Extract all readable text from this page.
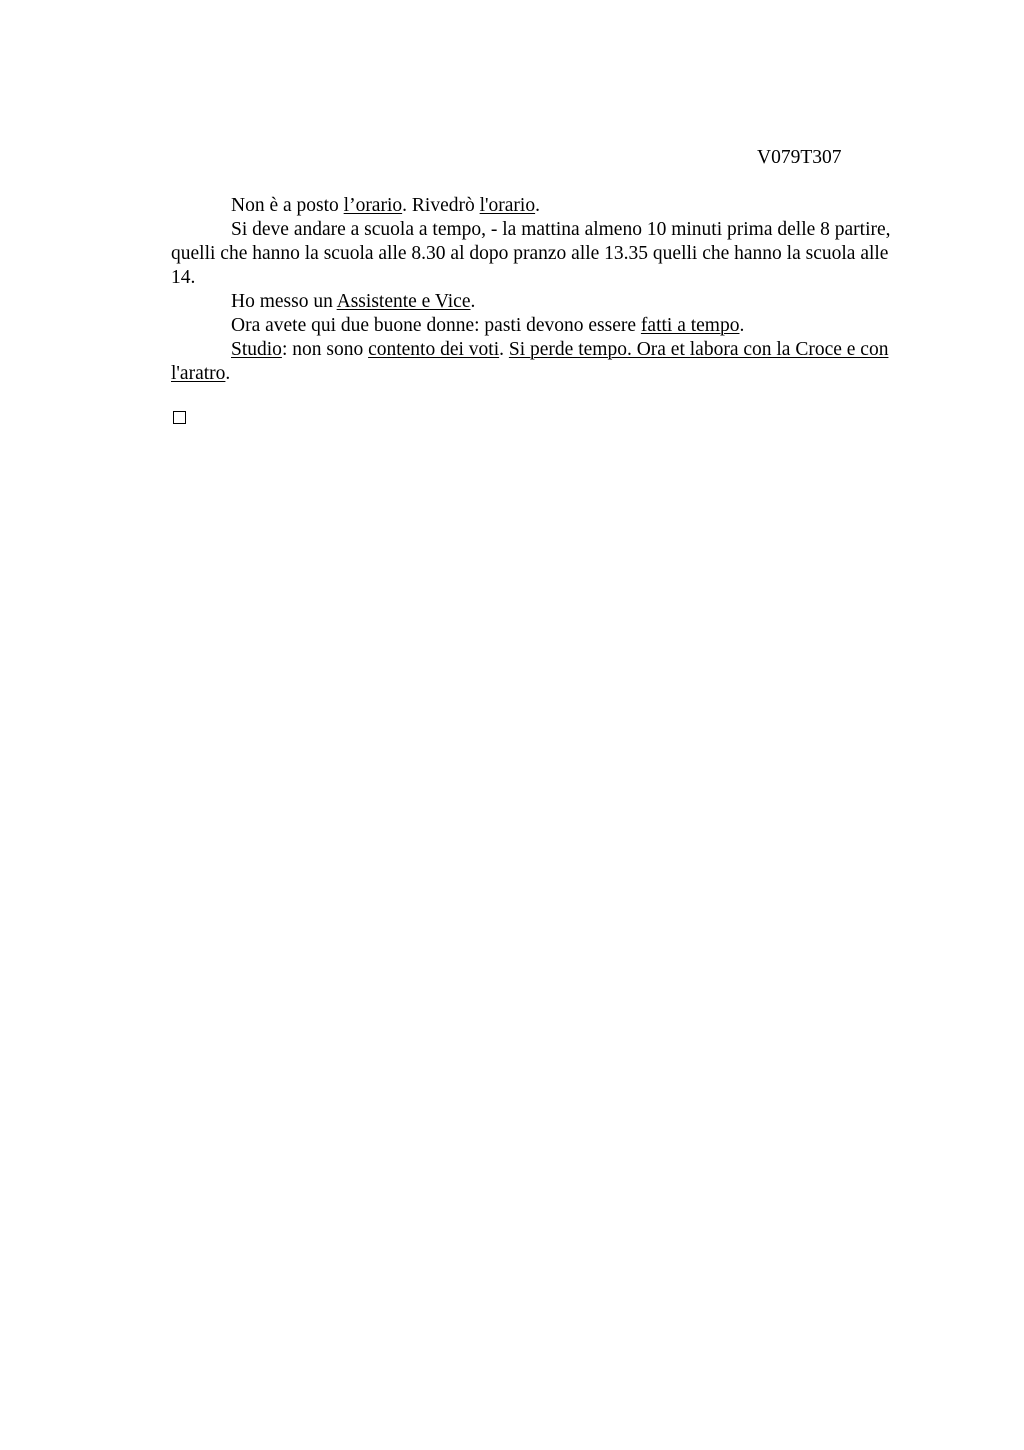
V079T307

Non è a posto l’orario. Rivedrò l'orario.

Si deve andare a scuola a tempo, - la mattina almeno 10 minuti prima delle 8 partire, quelli che hanno la scuola alle 8.30 al dopo pranzo alle 13.35 quelli che hanno la scuola alle 14.

Ho messo un Assistente e Vice.

Ora avete qui due buone donne: pasti devono essere fatti a tempo.

Studio: non sono contento dei voti. Si perde tempo. Ora et labora con la Croce e con l'aratro.
